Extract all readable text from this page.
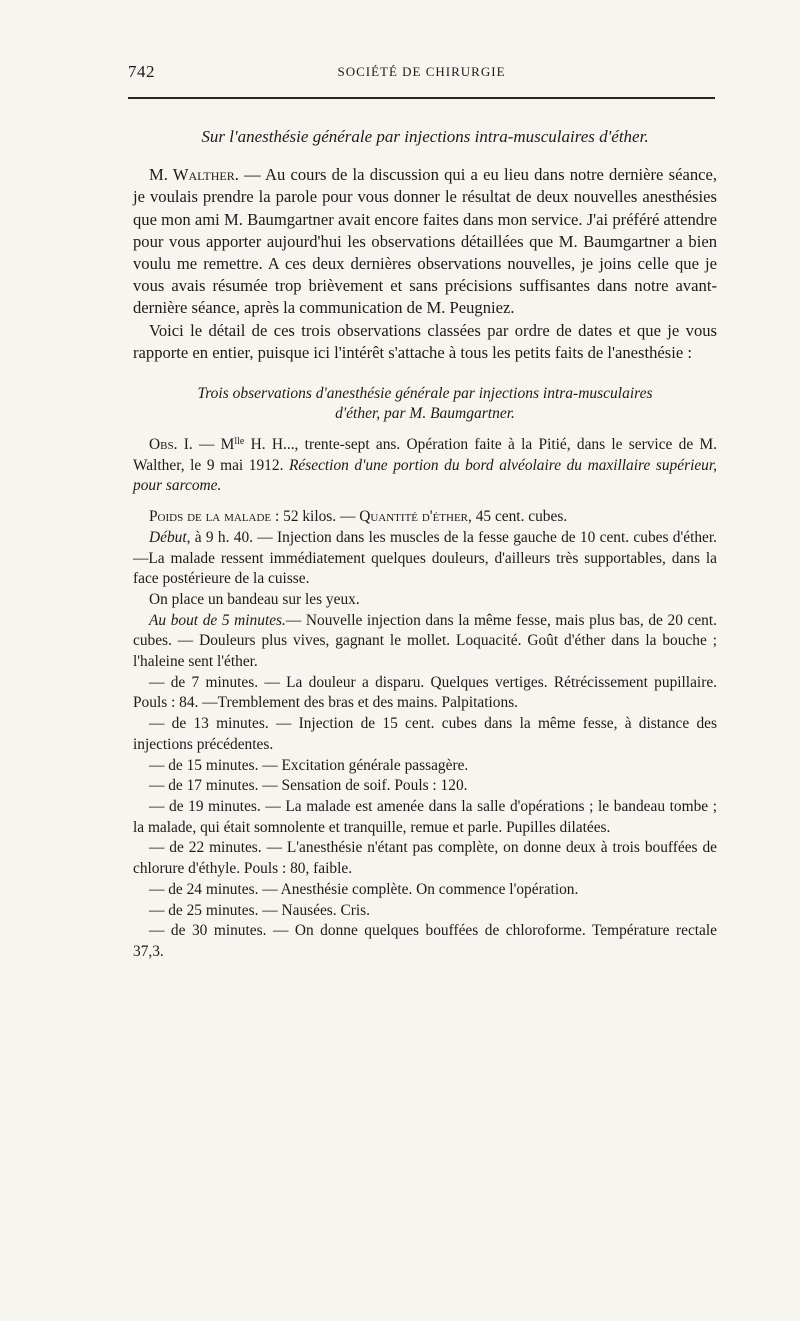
742	SOCIÉTÉ DE CHIRURGIE

Sur l'anesthésie générale par injections intra-musculaires d'éther.

M. Walther. — Au cours de la discussion qui a eu lieu dans notre dernière séance, je voulais prendre la parole pour vous donner le résultat de deux nouvelles anesthésies que mon ami M. Baumgartner avait encore faites dans mon service. J'ai préféré attendre pour vous apporter aujourd'hui les observations détaillées que M. Baumgartner a bien voulu me remettre. A ces deux dernières observations nouvelles, je joins celle que je vous avais résumée trop brièvement et sans précisions suffisantes dans notre avant-dernière séance, après la communication de M. Peugniez.

Voici le détail de ces trois observations classées par ordre de dates et que je vous rapporte en entier, puisque ici l'intérêt s'attache à tous les petits faits de l'anesthésie :

Trois observations d'anesthésie générale par injections intra-musculaires
d'éther, par M. Baumgartner.

Obs. I. — $M^{lle}$ H. H..., trente-sept ans. Opération faite à la Pitié, dans le service de M. Walther, le 9 mai 1912. Résection d'une portion du bord alvéolaire du maxillaire supérieur, pour sarcome.

Poids de la malade : 52 kilos. — Quantité d'éther, 45 cent. cubes.

Début, à 9 h. 40. — Injection dans les muscles de la fesse gauche de 10 cent. cubes d'éther. —La malade ressent immédiatement quelques douleurs, d'ailleurs très supportables, dans la face postérieure de la cuisse.

On place un bandeau sur les yeux.

Au bout de 5 minutes.— Nouvelle injection dans la même fesse, mais plus bas, de 20 cent. cubes. — Douleurs plus vives, gagnant le mollet. Loquacité. Goût d'éther dans la bouche ; l'haleine sent l'éther.

— de 7 minutes. — La douleur a disparu. Quelques vertiges. Rétrécissement pupillaire. Pouls : 84. —Tremblement des bras et des mains. Palpitations.

— de 13 minutes. — Injection de 15 cent. cubes dans la même fesse, à distance des injections précédentes.

— de 15 minutes. — Excitation générale passagère.

— de 17 minutes. — Sensation de soif. Pouls : 120.

— de 19 minutes. — La malade est amenée dans la salle d'opérations ; le bandeau tombe ; la malade, qui était somnolente et tranquille, remue et parle. Pupilles dilatées.

— de 22 minutes. — L'anesthésie n'étant pas complète, on donne deux à trois bouffées de chlorure d'éthyle. Pouls : 80, faible.

— de 24 minutes. — Anesthésie complète. On commence l'opération.

— de 25 minutes. — Nausées. Cris.

— de 30 minutes. — On donne quelques bouffées de chloroforme. Température rectale 37,3.
